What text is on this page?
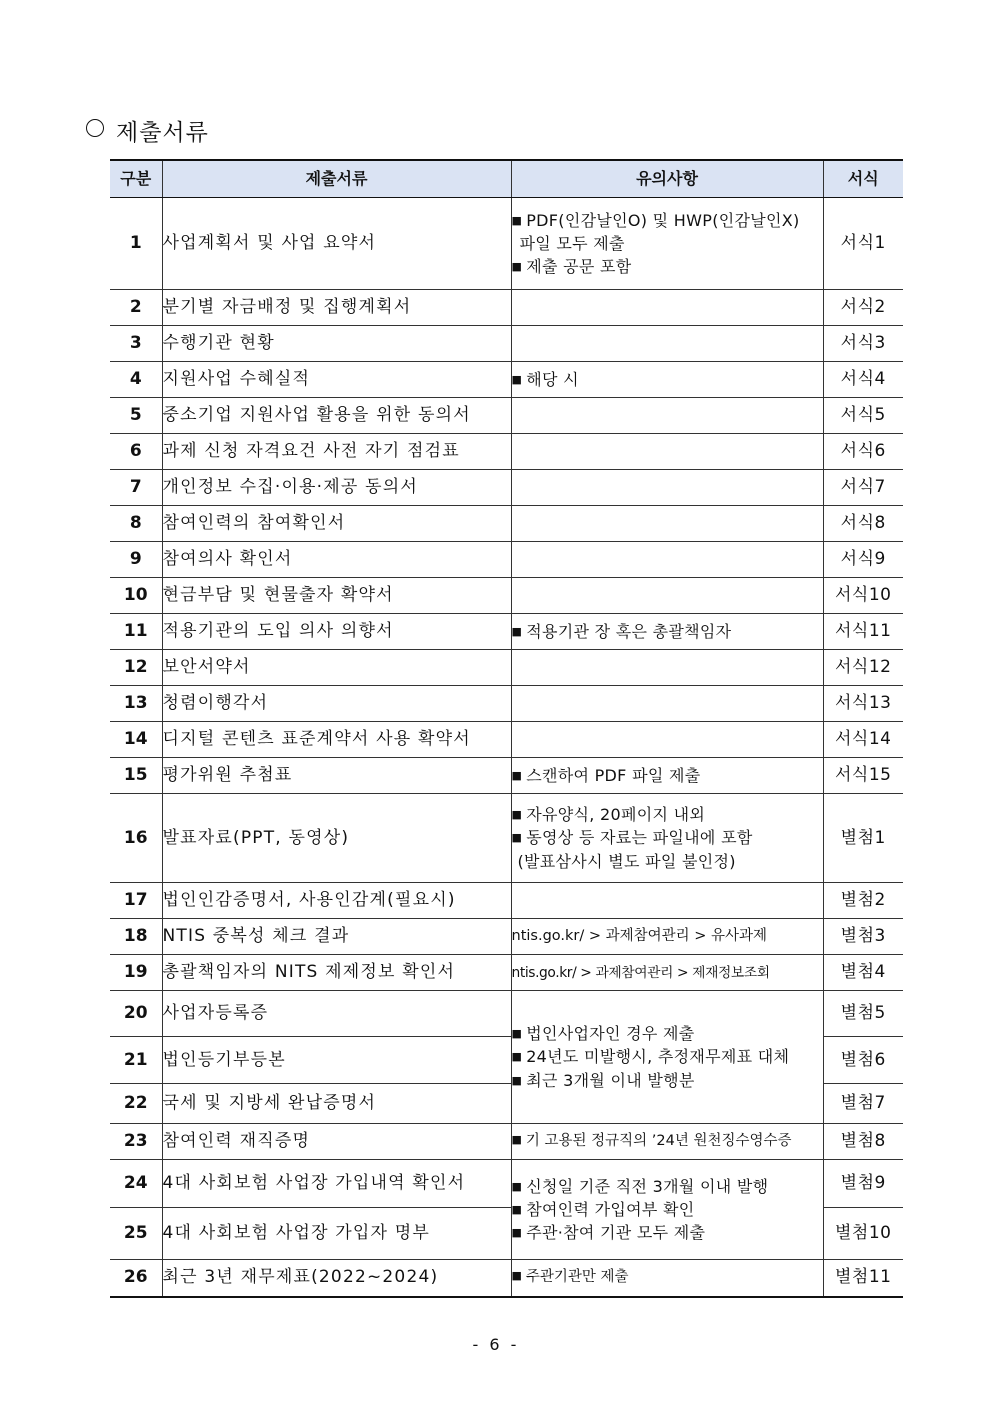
제출서류
구분	제출서류	유의사항	서식
1	사업계획서 및 사업 요약서	■ PDF(인감날인O) 및 HWP(인감날인X)
파일 모두 제출
■ 제출 공문 포함	서식1
2	분기별 자금배정 및 집행계획서		서식2
3	수행기관 현황		서식3
4	지원사업 수혜실적	■ 해당 시	서식4
5	중소기업 지원사업 활용을 위한 동의서		서식5
6	과제 신청 자격요건 사전 자기 점검표		서식6
7	개인정보 수집·이용·제공 동의서		서식7
8	참여인력의 참여확인서		서식8
9	참여의사 확인서		서식9
10	현금부담 및 현물출자 확약서		서식10
11	적용기관의 도입 의사 의향서	■ 적용기관 장 혹은 총괄책임자	서식11
12	보안서약서		서식12
13	청렴이행각서		서식13
14	디지털 콘텐츠 표준계약서 사용 확약서		서식14
15	평가위원 추첨표	■ 스캔하여 PDF 파일 제출	서식15
16	발표자료(PPT, 동영상)	■ 자유양식, 20페이지 내외
■ 동영상 등 자료는 파일내에 포함
(발표삼사시 별도 파일 불인정)	별첨1
17	법인인감증명서, 사용인감계(필요시)		별첨2
18	NTIS 중복성 체크 결과	ntis.go.kr/ > 과제참여관리 > 유사과제	별첨3
19	총괄책임자의 NITS 제제정보 확인서	ntis.go.kr/ > 과제참여관리 > 제재정보조회	별첨4
20	사업자등록증	■ 법인사업자인 경우 제출
■ 24년도 미발행시, 추정재무제표 대체
■ 최근 3개월 이내 발행분	별첨5
21	법인등기부등본		별첨6
22	국세 및 지방세 완납증명서		별첨7
23	참여인력 재직증명	■ 기 고용된 정규직의 ’24년 원천징수영수증	별첨8
24	4대 사회보험 사업장 가입내역 확인서	■ 신청일 기준 직전 3개월 이내 발행
■ 참여인력 가입여부 확인
■ 주관·참여 기관 모두 제출	별첨9
25	4대 사회보험 사업장 가입자 명부		별첨10
26	최근 3년 재무제표(2022~2024)	■ 주관기관만 제출	별첨11
- 6 -
